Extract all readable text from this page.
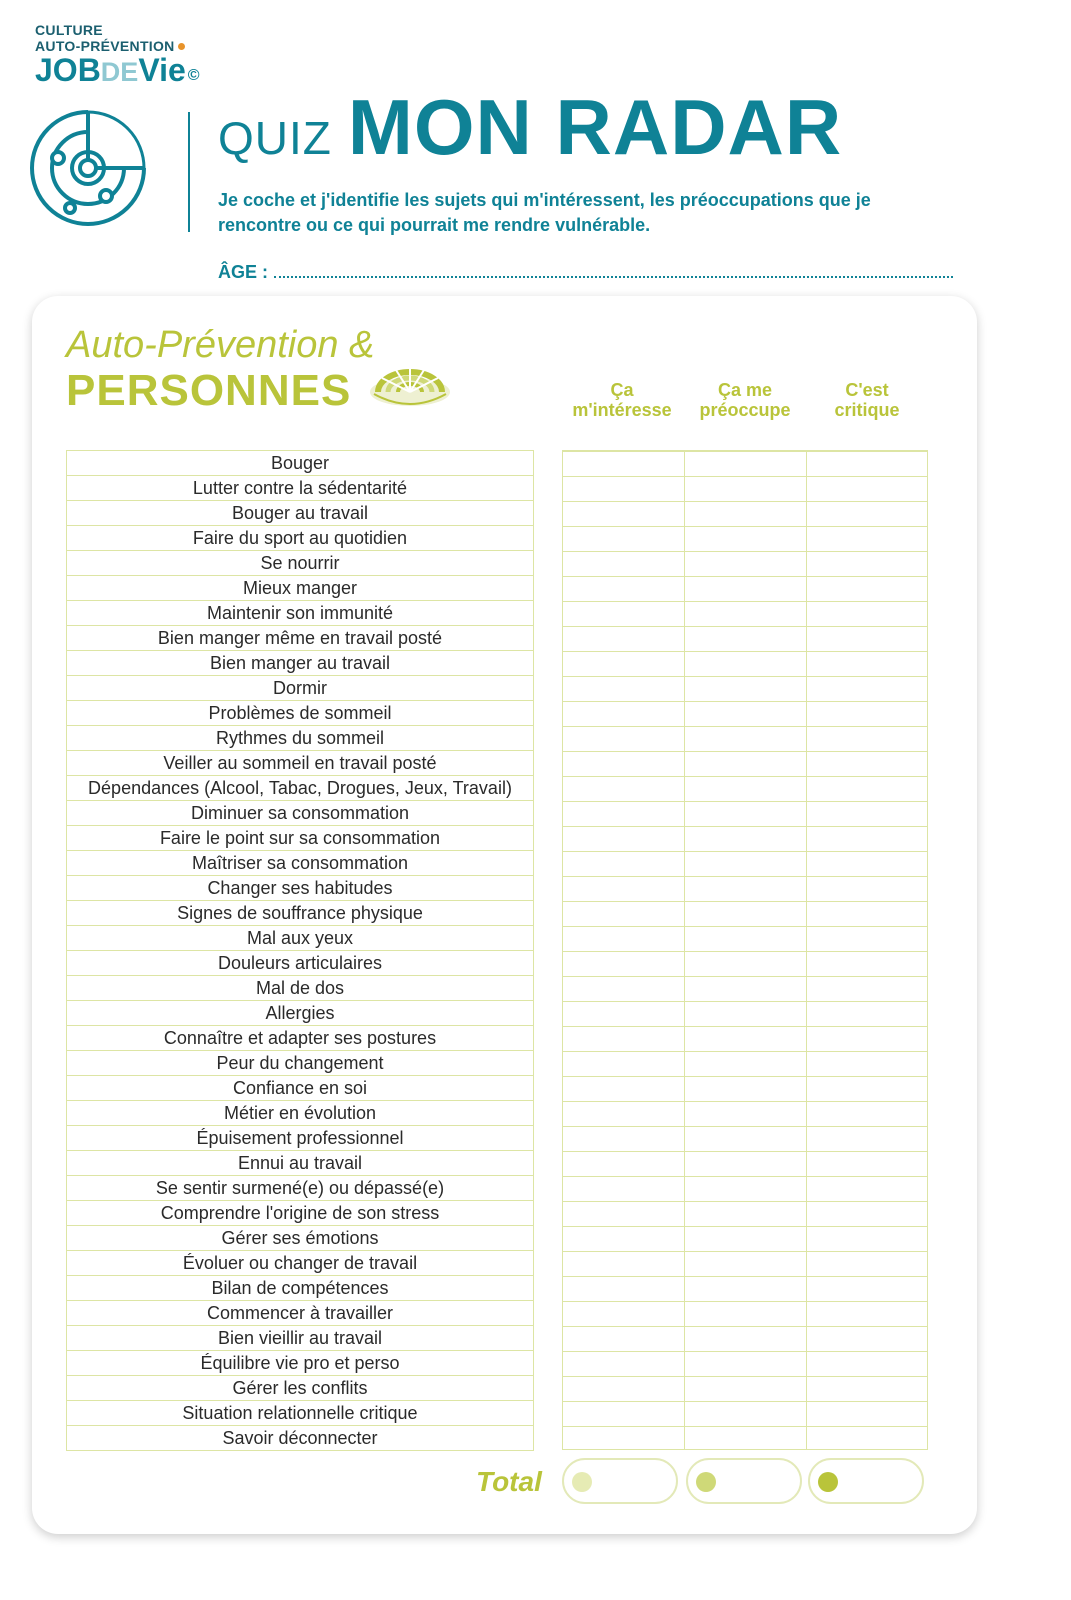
CULTURE
AUTO-PRÉVENTION
JOB DE Vie ©
QUIZ MON RADAR
Je coche et j'identifie les sujets qui m'intéressent, les préoccupations que je rencontre ou ce qui pourrait me rendre vulnérable.
ÂGE :
Auto-Prévention &
PERSONNES	Ça
m'intéresse
Ça me
préoccupe
C'est
critique
Bouger
Lutter contre la sédentarité
Bouger au travail
Faire du sport au quotidien
Se nourrir
Mieux manger
Maintenir son immunité
Bien manger même en travail posté
Bien manger au travail
Dormir
Problèmes de sommeil
Rythmes du sommeil
Veiller au sommeil en travail posté
Dépendances (Alcool, Tabac, Drogues, Jeux, Travail)
Diminuer sa consommation
Faire le point sur sa consommation
Maîtriser sa consommation
Changer ses habitudes
Signes de souffrance physique
Mal aux yeux
Douleurs articulaires
Mal de dos
Allergies
Connaître et adapter ses postures
Peur du changement
Confiance en soi
Métier en évolution
Épuisement professionnel
Ennui au travail
Se sentir surmené(e) ou dépassé(e)
Comprendre l'origine de son stress
Gérer ses émotions
Évoluer ou changer de travail
Bilan de compétences
Commencer à travailler
Bien vieillir au travail
Équilibre vie pro et perso
Gérer les conflits
Situation relationnelle critique
Savoir déconnecter
Total
